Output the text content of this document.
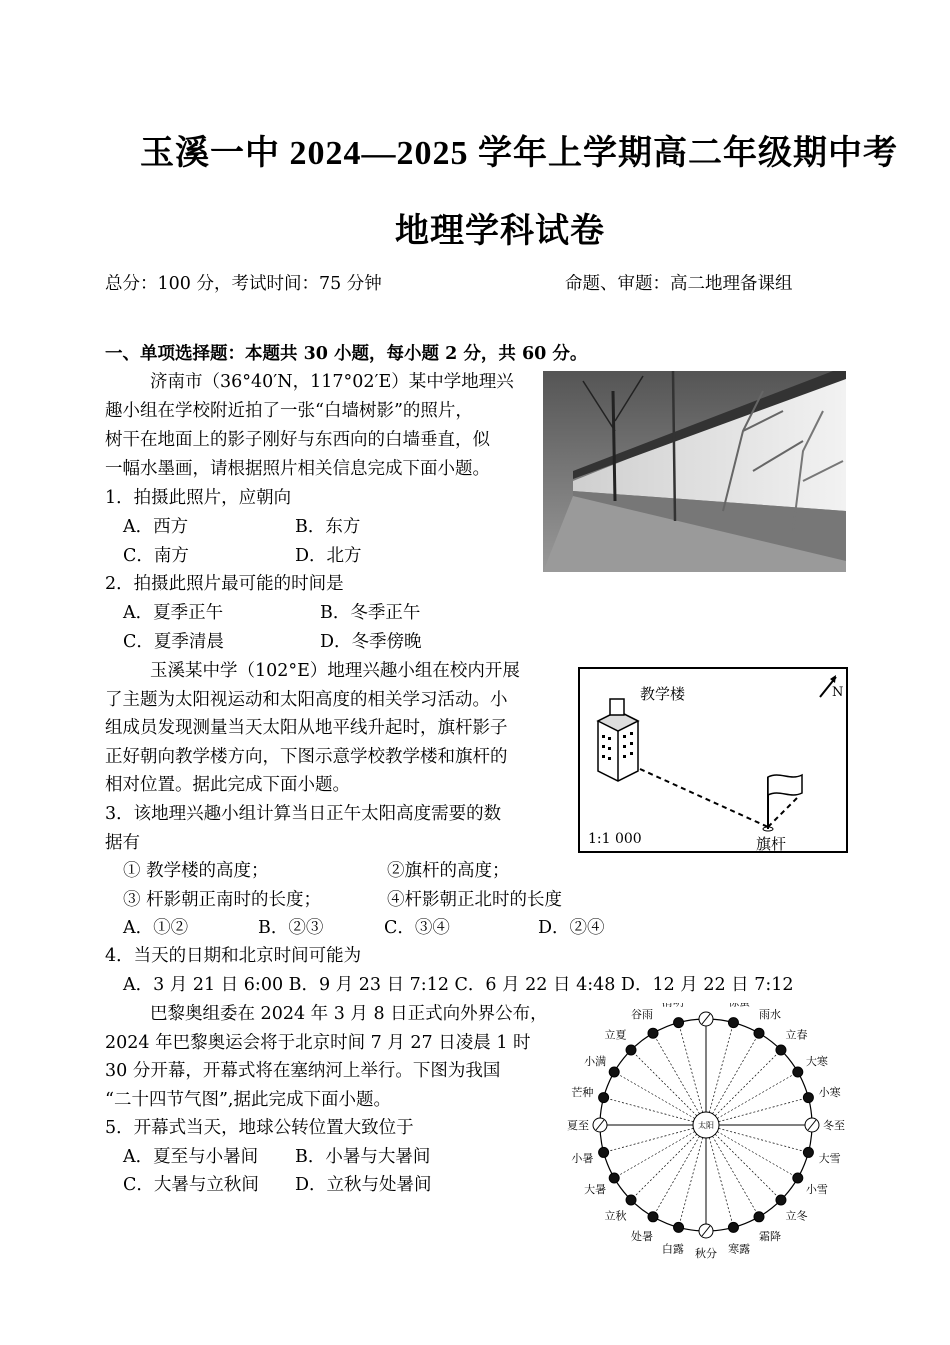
玉溪一中 2024—2025 学年上学期高二年级期中考
地理学科试卷
总分：100 分，考试时间：75 分钟	命题、审题：高二地理备课组
一、单项选择题：本题共 30 小题，每小题 2 分，共 60 分。
济南市（36°40′N，117°02′E）某中学地理兴
趣小组在学校附近拍了一张“白墙树影”的照片，
树干在地面上的影子刚好与东西向的白墙垂直，似
一幅水墨画，请根据照片相关信息完成下面小题。
1．拍摄此照片，应朝向
A．西方	B．东方
C．南方	D．北方
2．拍摄此照片最可能的时间是
A．夏季正午	B．冬季正午
C．夏季清晨	D．冬季傍晚
玉溪某中学（102°E）地理兴趣小组在校内开展
了主题为太阳视运动和太阳高度的相关学习活动。小
组成员发现测量当天太阳从地平线升起时，旗杆影子
正好朝向教学楼方向，下图示意学校教学楼和旗杆的
相对位置。据此完成下面小题。
教学楼	N
1:1 000	旗杆
3．该地理兴趣小组计算当日正午太阳高度需要的数
据有
① 教学楼的高度；	②旗杆的高度；
③ 杆影朝正南时的长度；	④杆影朝正北时的长度
A．①②	B．②③	C．③④	D．②④
4．当天的日期和北京时间可能为
A．3 月 21 日 6:00 B．9 月 23 日 7:12 C．6 月 22 日 4:48 D．12 月 22 日 7:12
巴黎奥组委在 2024 年 3 月 8 日正式向外界公布，
2024 年巴黎奥运会将于北京时间 7 月 27 日凌晨 1 时
30 分开幕，开幕式将在塞纳河上举行。下图为我国
“二十四节气图”,据此完成下面小题。
5．开幕式当天，地球公转位置大致位于
A．夏至与小暑间 B．小暑与大暑间
C．大暑与立秋间 D．立秋与处暑间
太阳
雨水
立春
大寒
小寒
冬至
大雪
小雪
立冬
霜降
寒露
秋分
白露
处暑
立秋
大暑
小暑
夏至
芒种
小满
立夏
谷雨
